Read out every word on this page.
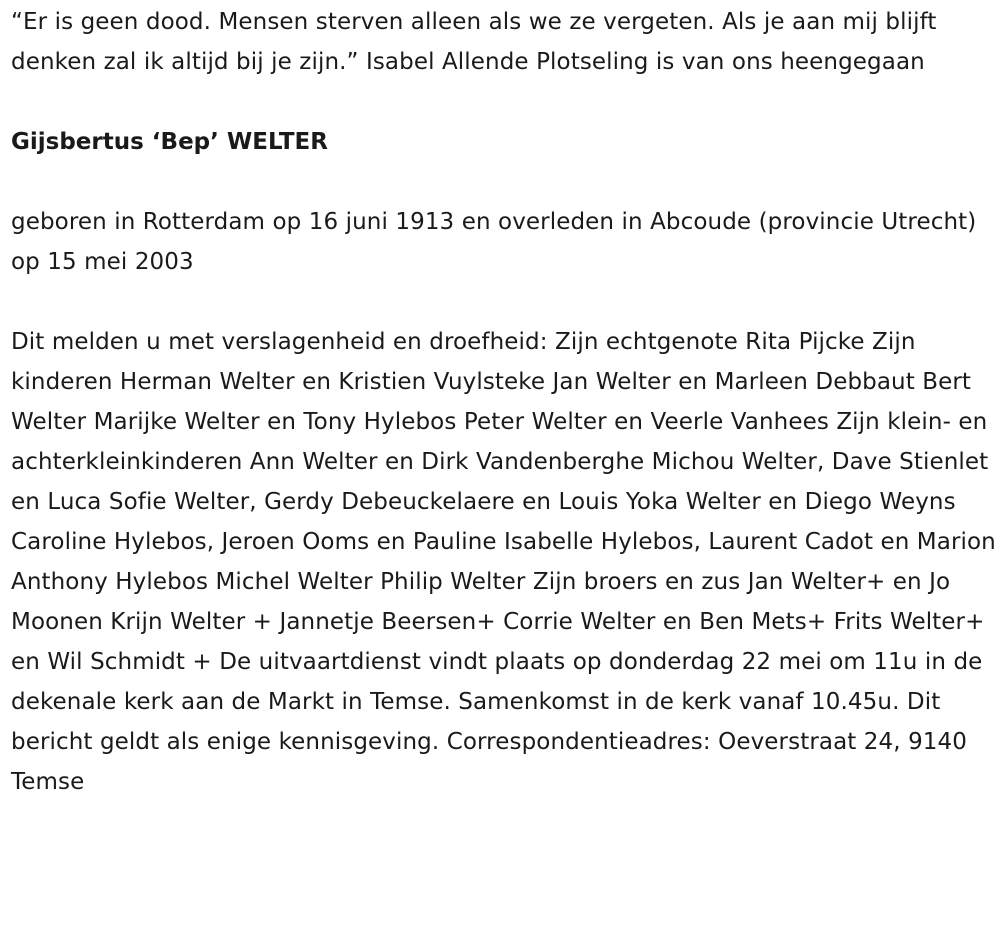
“Er is geen dood. Mensen sterven alleen als we ze vergeten. Als je aan mij blijft denken zal ik altijd bij je zijn.” Isabel Allende Plotseling is van ons heengegaan

Gijsbertus ‘Bep’ WELTER

geboren in Rotterdam op 16 juni 1913 en overleden in Abcoude (provincie Utrecht) op 15 mei 2003

Dit melden u met verslagenheid en droefheid: Zijn echtgenote Rita Pijcke Zijn kinderen Herman Welter en Kristien Vuylsteke Jan Welter en Marleen Debbaut Bert Welter Marijke Welter en Tony Hylebos Peter Welter en Veerle Vanhees Zijn klein- en achterkleinkinderen Ann Welter en Dirk Vandenberghe Michou Welter, Dave Stienlet en Luca Sofie Welter, Gerdy Debeuckelaere en Louis Yoka Welter en Diego Weyns Caroline Hylebos, Jeroen Ooms en Pauline Isabelle Hylebos, Laurent Cadot en Marion Anthony Hylebos Michel Welter Philip Welter Zijn broers en zus Jan Welter+ en Jo Moonen Krijn Welter + Jannetje Beersen+ Corrie Welter en Ben Mets+ Frits Welter+ en Wil Schmidt + De uitvaartdienst vindt plaats op donderdag 22 mei om 11u in de dekenale kerk aan de Markt in Temse. Samenkomst in de kerk vanaf 10.45u. Dit bericht geldt als enige kennisgeving. Correspondentieadres: Oeverstraat 24, 9140 Temse
